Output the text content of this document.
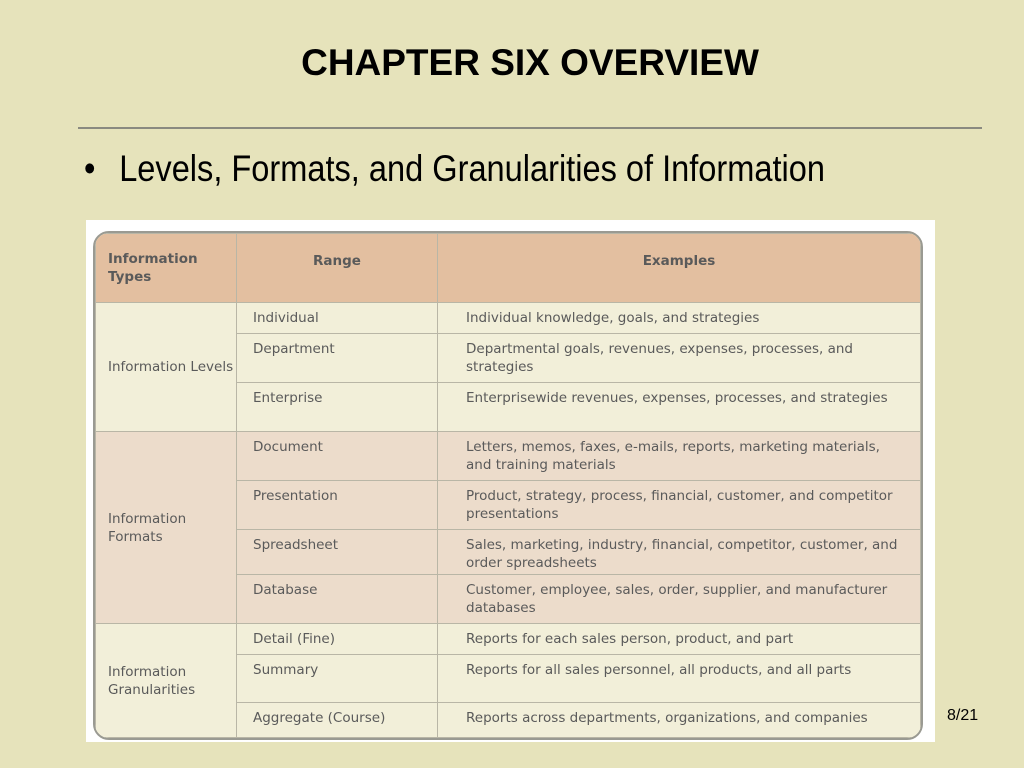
CHAPTER SIX OVERVIEW
• Levels, Formats, and Granularities of Information
Information Types	Range	Examples
Information Levels	Individual	Individual knowledge, goals, and strategies
	Department	Departmental goals, revenues, expenses, processes, and strategies
	Enterprise	Enterprisewide revenues, expenses, processes, and strategies
Information Formats	Document	Letters, memos, faxes, e-mails, reports, marketing materials, and training materials
	Presentation	Product, strategy, process, financial, customer, and competitor presentations
	Spreadsheet	Sales, marketing, industry, financial, competitor, customer, and order spreadsheets
	Database	Customer, employee, sales, order, supplier, and manufacturer databases
Information Granularities	Detail (Fine)	Reports for each sales person, product, and part
	Summary	Reports for all sales personnel, all products, and all parts
	Aggregate (Course)	Reports across departments, organizations, and companies	8/21
